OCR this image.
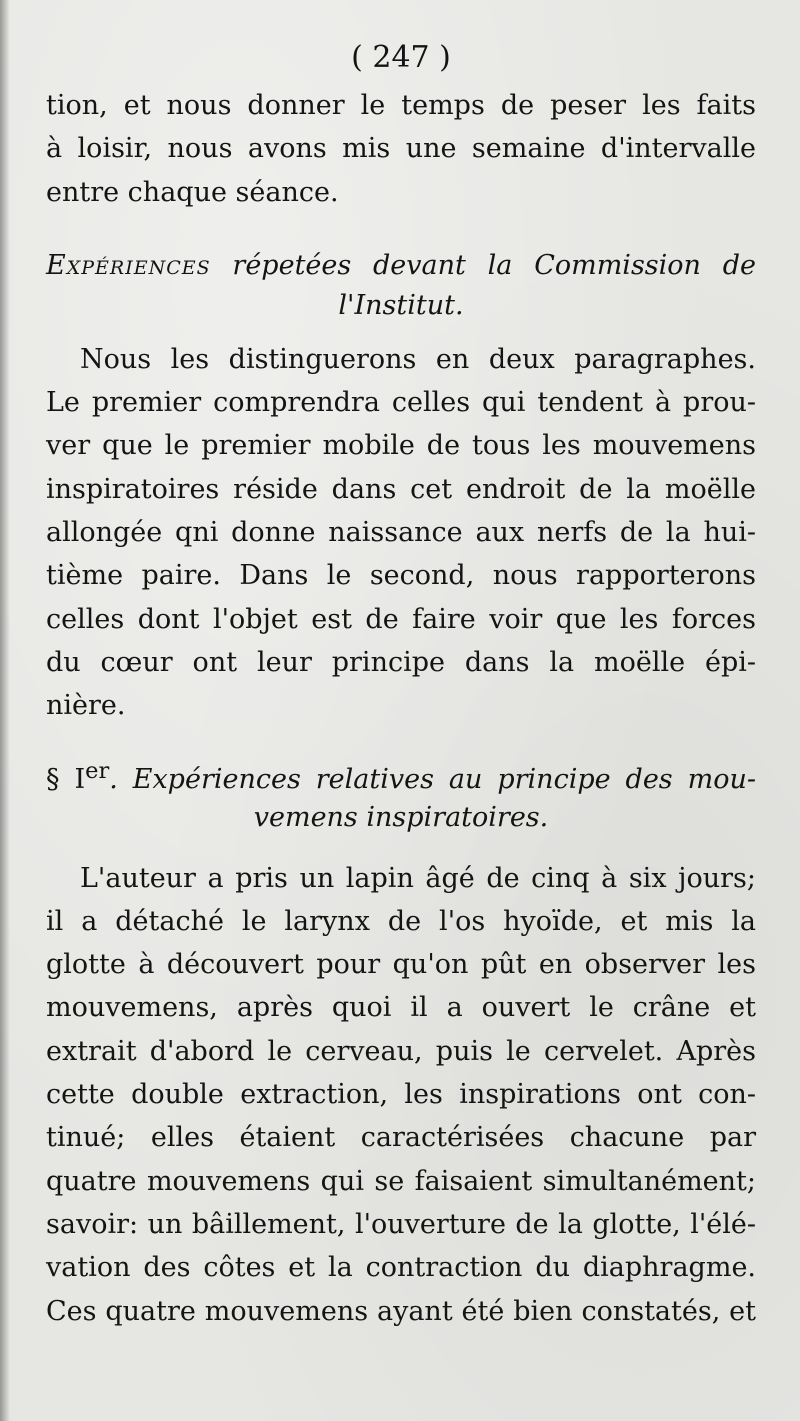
( 247 )

tion, et nous donner le temps de peser les faits

à loisir, nous avons mis une semaine d'intervalle

entre chaque séance.

Expériences répetées devant la Commission de

l'Institut.

Nous les distinguerons en deux paragraphes.

Le premier comprendra celles qui tendent à prou-

ver que le premier mobile de tous les mouvemens

inspiratoires réside dans cet endroit de la moëlle

allongée qni donne naissance aux nerfs de la hui-

tième paire. Dans le second, nous rapporterons

celles dont l'objet est de faire voir que les forces

du cœur ont leur principe dans la moëlle épi-

nière.

§ Ier. Expériences relatives au principe des mou-

vemens inspiratoires.

L'auteur a pris un lapin âgé de cinq à six jours;

il a détaché le larynx de l'os hyoïde, et mis la

glotte à découvert pour qu'on pût en observer les

mouvemens, après quoi il a ouvert le crâne et

extrait d'abord le cerveau, puis le cervelet. Après

cette double extraction, les inspirations ont con-

tinué; elles étaient caractérisées chacune par

quatre mouvemens qui se faisaient simultanément;

savoir: un bâillement, l'ouverture de la glotte, l'élé-

vation des côtes et la contraction du diaphragme.

Ces quatre mouvemens ayant été bien constatés, et
